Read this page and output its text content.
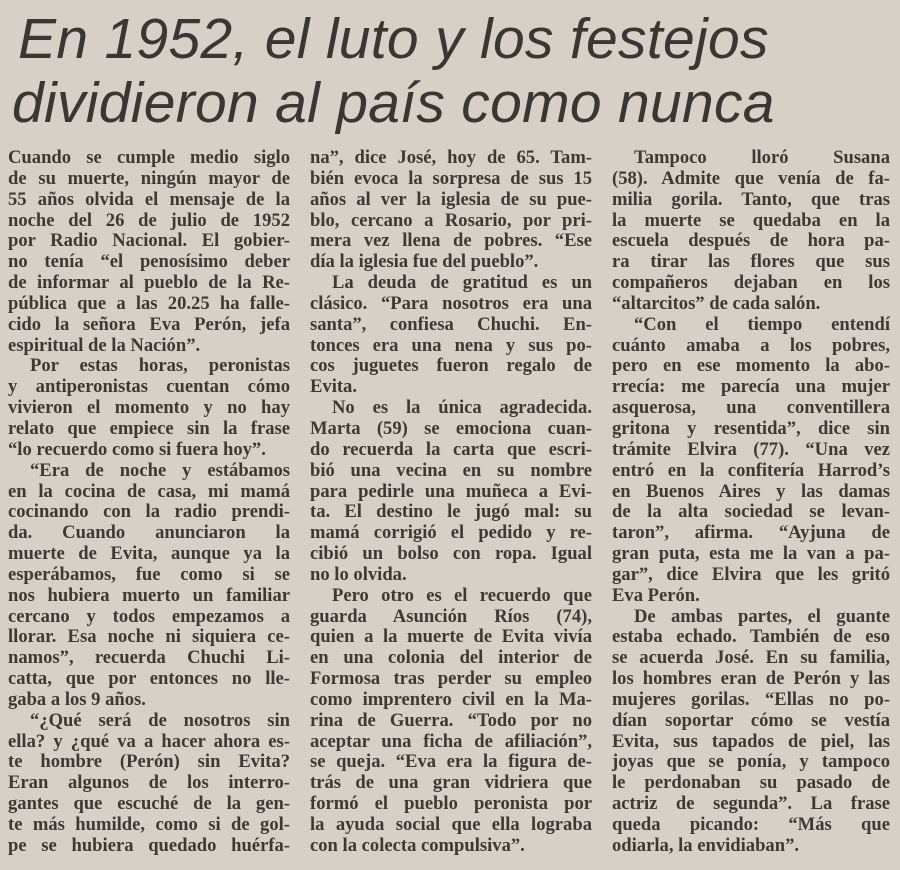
En 1952, el luto y los festejos
dividieron al país como nunca
Cuando se cumple medio siglo
de su muerte, ningún mayor de
55 años olvida el mensaje de la
noche del 26 de julio de 1952
por Radio Nacional. El gobier-
no tenía “el penosísimo deber
de informar al pueblo de la Re-
pública que a las 20.25 ha falle-
cido la señora Eva Perón, jefa
espiritual de la Nación”.
Por estas horas, peronistas
y antiperonistas cuentan cómo
vivieron el momento y no hay
relato que empiece sin la frase
“lo recuerdo como si fuera hoy”.
“Era de noche y estábamos
en la cocina de casa, mi mamá
cocinando con la radio prendi-
da. Cuando anunciaron la
muerte de Evita, aunque ya la
esperábamos, fue como si se
nos hubiera muerto un familiar
cercano y todos empezamos a
llorar. Esa noche ni siquiera ce-
namos”, recuerda Chuchi Li-
catta, que por entonces no lle-
gaba a los 9 años.
“¿Qué será de nosotros sin
ella? y ¿qué va a hacer ahora es-
te hombre (Perón) sin Evita?
Eran algunos de los interro-
gantes que escuché de la gen-
te más humilde, como si de gol-
pe se hubiera quedado huérfa-
na”, dice José, hoy de 65. Tam-
bién evoca la sorpresa de sus 15
años al ver la iglesia de su pue-
blo, cercano a Rosario, por pri-
mera vez llena de pobres. “Ese
día la iglesia fue del pueblo”.
La deuda de gratitud es un
clásico. “Para nosotros era una
santa”, confiesa Chuchi. En-
tonces era una nena y sus po-
cos juguetes fueron regalo de
Evita.
No es la única agradecida.
Marta (59) se emociona cuan-
do recuerda la carta que escri-
bió una vecina en su nombre
para pedirle una muñeca a Evi-
ta. El destino le jugó mal: su
mamá corrigió el pedido y re-
cibió un bolso con ropa. Igual
no lo olvida.
Pero otro es el recuerdo que
guarda Asunción Ríos (74),
quien a la muerte de Evita vivía
en una colonia del interior de
Formosa tras perder su empleo
como imprentero civil en la Ma-
rina de Guerra. “Todo por no
aceptar una ficha de afiliación”,
se queja. “Eva era la figura de-
trás de una gran vidriera que
formó el pueblo peronista por
la ayuda social que ella lograba
con la colecta compulsiva”.
Tampoco lloró Susana
(58). Admite que venía de fa-
milia gorila. Tanto, que tras
la muerte se quedaba en la
escuela después de hora pa-
ra tirar las flores que sus
compañeros dejaban en los
“altarcitos” de cada salón.
“Con el tiempo entendí
cuánto amaba a los pobres,
pero en ese momento la abo-
rrecía: me parecía una mujer
asquerosa, una conventillera
gritona y resentida”, dice sin
trámite Elvira (77). “Una vez
entró en la confitería Harrod’s
en Buenos Aires y las damas
de la alta sociedad se levan-
taron”, afirma. “Ayjuna de
gran puta, esta me la van a pa-
gar”, dice Elvira que les gritó
Eva Perón.
De ambas partes, el guante
estaba echado. También de eso
se acuerda José. En su familia,
los hombres eran de Perón y las
mujeres gorilas. “Ellas no po-
dían soportar cómo se vestía
Evita, sus tapados de piel, las
joyas que se ponía, y tampoco
le perdonaban su pasado de
actriz de segunda”. La frase
queda picando: “Más que
odiarla, la envidiaban”.
